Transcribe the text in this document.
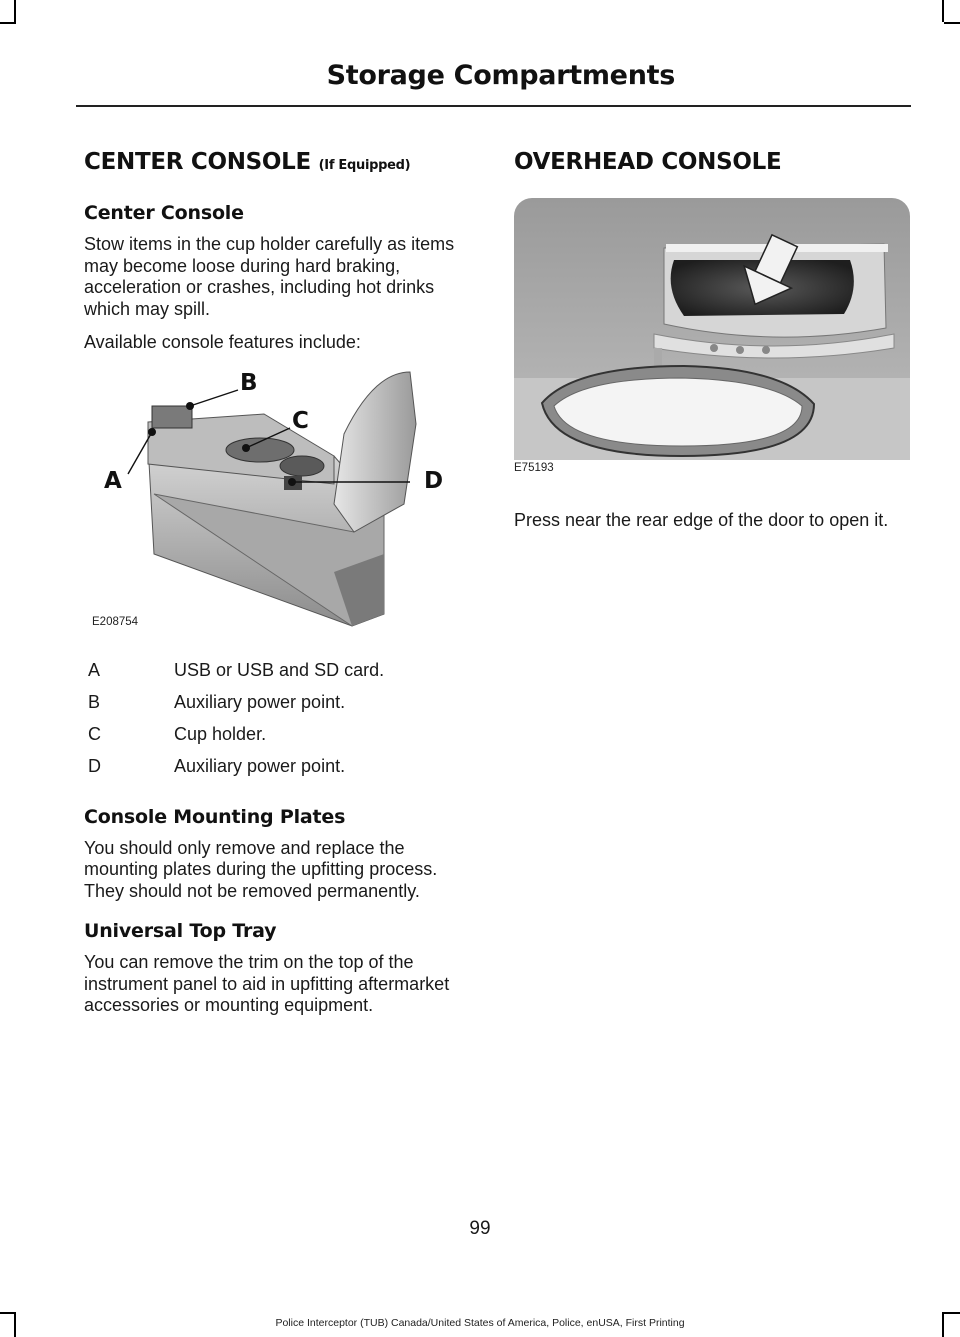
Storage Compartments
CENTER CONSOLE (If Equipped)
Center Console

Stow items in the cup holder carefully as items may become loose during hard braking, acceleration or crashes, including hot drinks which may spill.

Available console features include:

A
B
C
D
E208754
A	USB or USB and SD card.
B	Auxiliary power point.
C	Cup holder.
D	Auxiliary power point.
Console Mounting Plates

You should only remove and replace the mounting plates during the upfitting process. They should not be removed permanently.

Universal Top Tray

You can remove the trim on the top of the instrument panel to aid in upfitting aftermarket accessories or mounting equipment.

OVERHEAD CONSOLE
E75193

Press near the rear edge of the door to open it.

99
Police Interceptor (TUB) Canada/United States of America, Police, enUSA, First Printing
